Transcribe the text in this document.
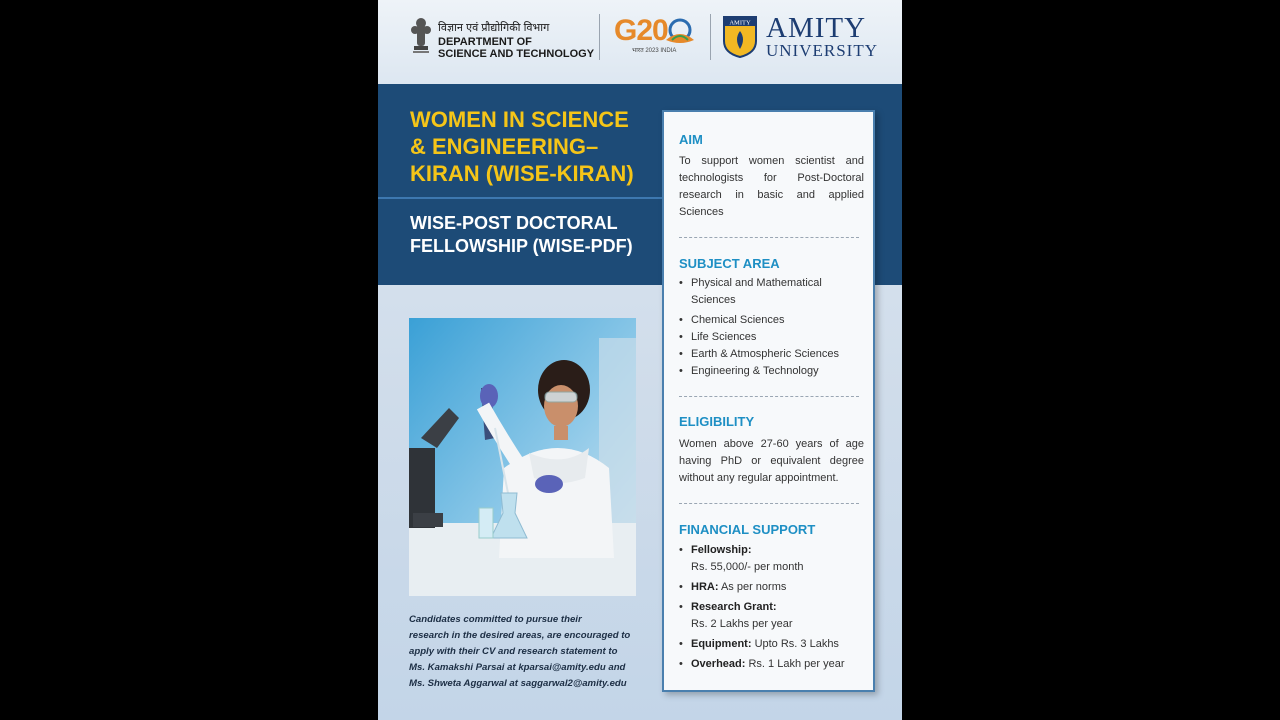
विज्ञान एवं प्रौद्योगिकी विभाग
DEPARTMENT OF
SCIENCE AND TECHNOLOGY
G20
भारत 2023 INDIA
AMITY AMITY
UNIVERSITY
WOMEN IN SCIENCE
& ENGINEERING–
KIRAN (WISE-KIRAN)
WISE-POST DOCTORAL
FELLOWSHIP (WISE-PDF)
Candidates committed to pursue their
research in the desired areas, are encouraged to
apply with their CV and research statement to
Ms. Kamakshi Parsai at kparsai@amity.edu and
Ms. Shweta Aggarwal at saggarwal2@amity.edu
AIM
To support women scientist and technologists for Post-Doctoral research in basic and applied Sciences
SUBJECT AREA
• Physical and Mathematical Sciences
• Chemical Sciences
• Life Sciences
• Earth & Atmospheric Sciences
• Engineering & Technology
ELIGIBILITY
Women above 27-60 years of age having PhD or equivalent degree without any regular appointment.
FINANCIAL SUPPORT
• Fellowship:
Rs. 55,000/- per month
• HRA: As per norms
• Research Grant:
Rs. 2 Lakhs per year
• Equipment: Upto Rs. 3 Lakhs
• Overhead: Rs. 1 Lakh per year
